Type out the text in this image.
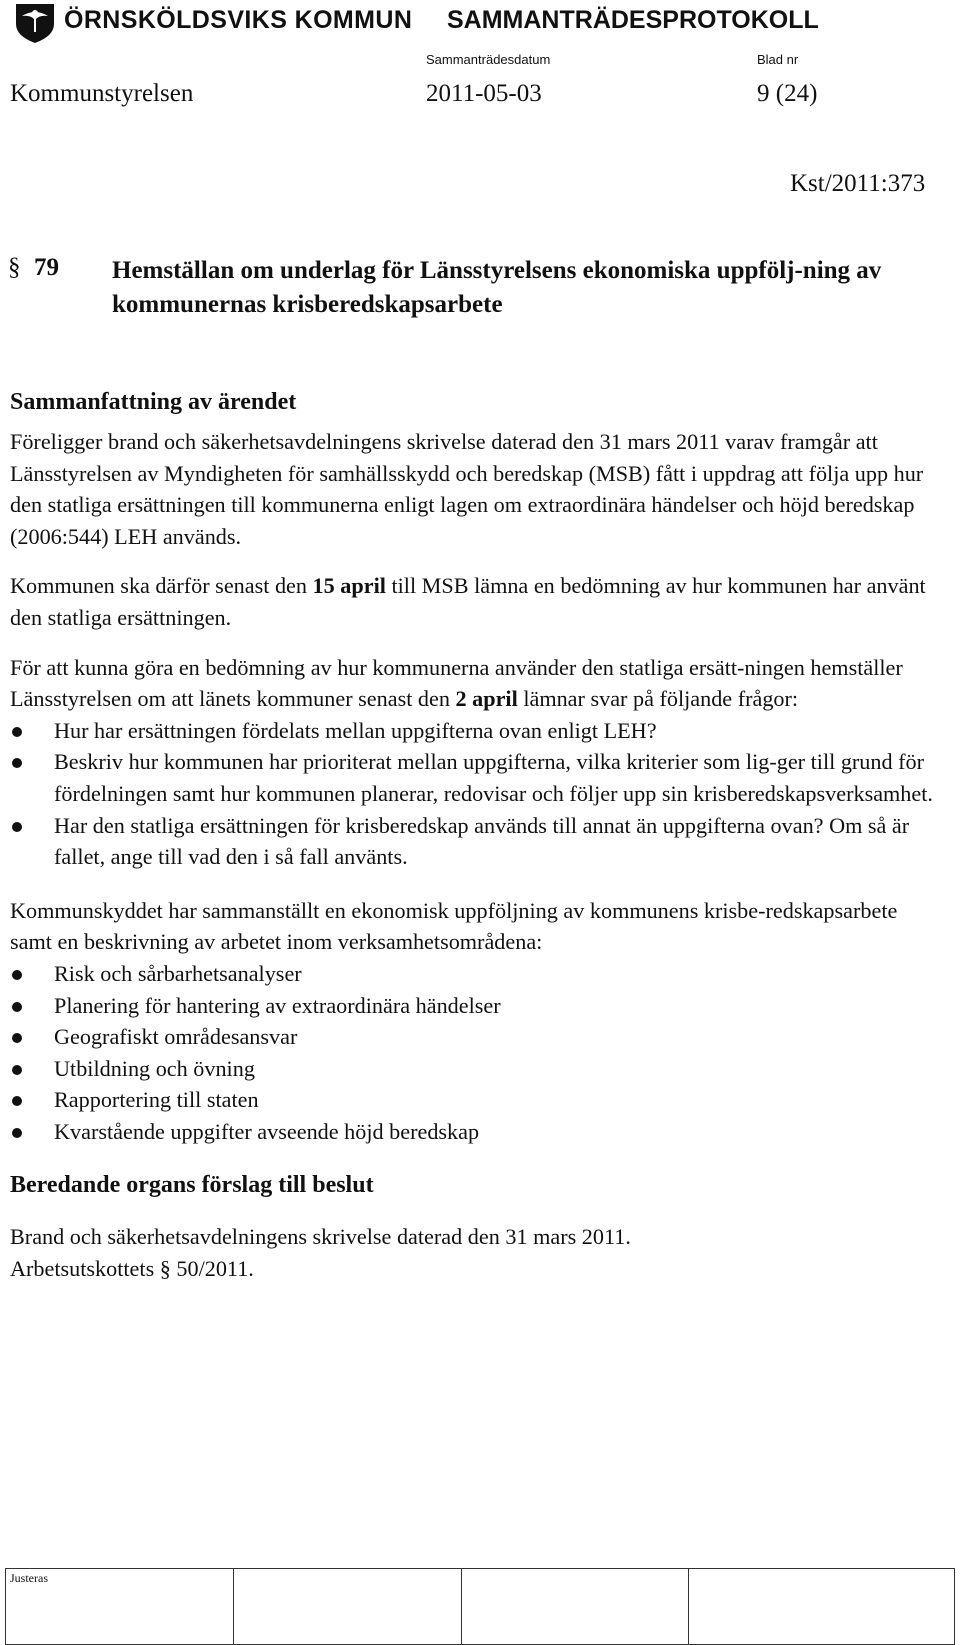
ÖRNSKÖLDSVIKS KOMMUN SAMMANTRÄDESPROTOKOLL
Sammanträdesdatum	Blad nr
Kommunstyrelsen	2011-05-03	9 (24)
Kst/2011:373
§ 79 Hemställan om underlag för Länsstyrelsens ekonomiska uppfölj-ning av kommunernas krisberedskapsarbete
Sammanfattning av ärendet

Föreligger brand och säkerhetsavdelningens skrivelse daterad den 31 mars 2011 varav framgår att Länsstyrelsen av Myndigheten för samhällsskydd och beredskap (MSB) fått i uppdrag att följa upp hur den statliga ersättningen till kommunerna enligt lagen om extraordinära händelser och höjd beredskap (2006:544) LEH används.

Kommunen ska därför senast den 15 april till MSB lämna en bedömning av hur kommunen har använt den statliga ersättningen.

För att kunna göra en bedömning av hur kommunerna använder den statliga ersätt-ningen hemställer Länsstyrelsen om att länets kommuner senast den 2 april lämnar svar på följande frågor:

Hur har ersättningen fördelats mellan uppgifterna ovan enligt LEH?
Beskriv hur kommunen har prioriterat mellan uppgifterna, vilka kriterier som lig-ger till grund för fördelningen samt hur kommunen planerar, redovisar och följer upp sin krisberedskapsverksamhet.
Har den statliga ersättningen för krisberedskap används till annat än uppgifterna ovan? Om så är fallet, ange till vad den i så fall använts.

Kommunskyddet har sammanställt en ekonomisk uppföljning av kommunens krisbe-redskapsarbete samt en beskrivning av arbetet inom verksamhetsområdena:

Risk och sårbarhetsanalyser
Planering för hantering av extraordinära händelser
Geografiskt områdesansvar
Utbildning och övning
Rapportering till staten
Kvarstående uppgifter avseende höjd beredskap
Beredande organs förslag till beslut

Brand och säkerhetsavdelningens skrivelse daterad den 31 mars 2011.

Arbetsutskottets § 50/2011.

Justeras			
